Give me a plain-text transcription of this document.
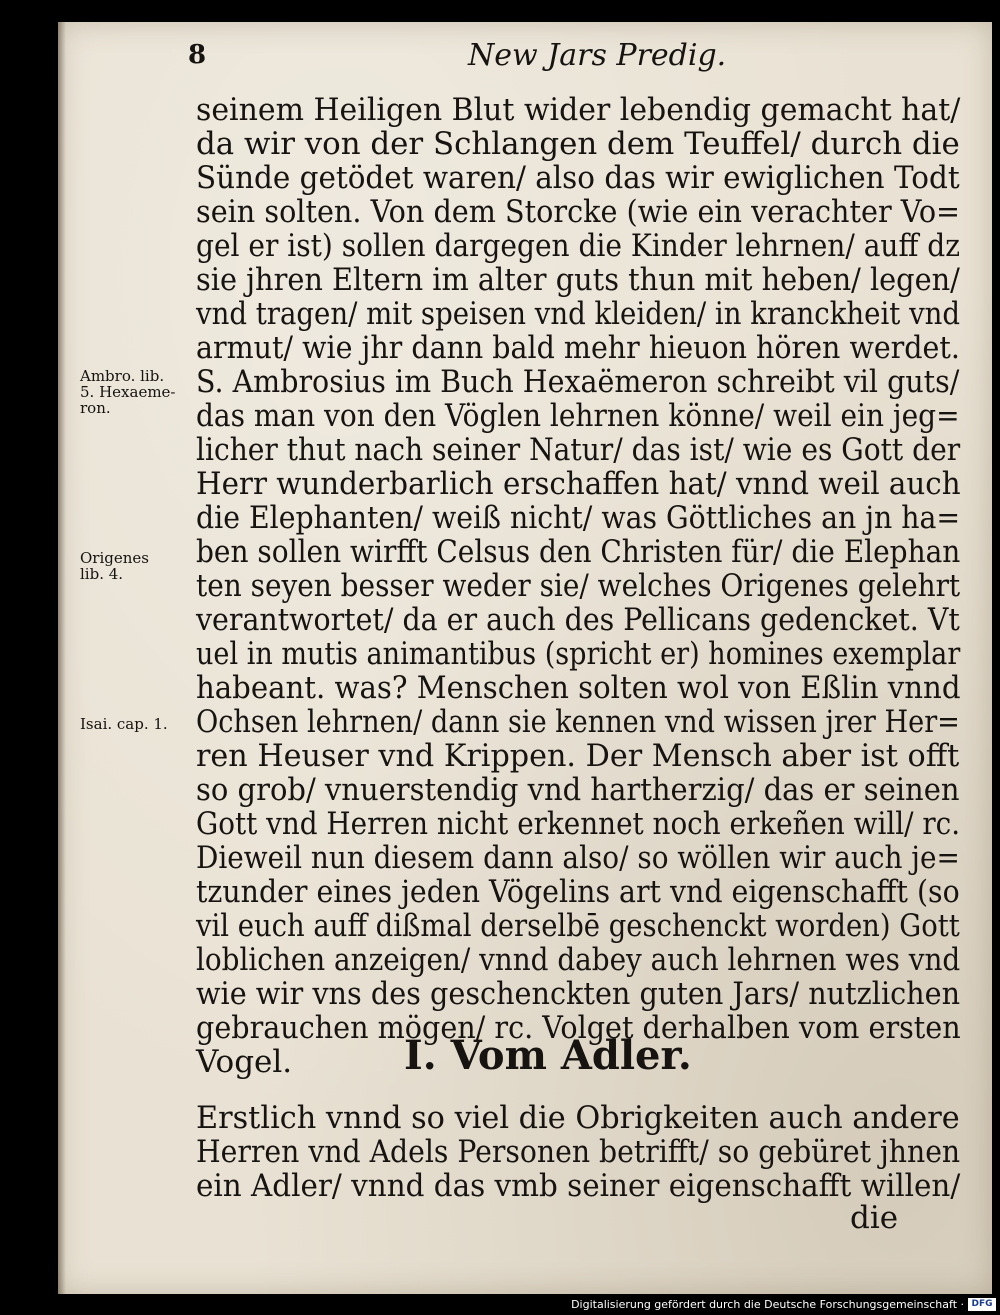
8	New Jars Predig.
seinem Heiligen Blut wider lebendig gemacht hat/
da wir von der Schlangen dem Teuffel/ durch die
Sünde getödet waren/ also das wir ewiglichen Todt
sein solten. Von dem Storcke (wie ein verachter Vo=
gel er ist) sollen dargegen die Kinder lehrnen/ auff dz
sie jhren Eltern im alter guts thun mit heben/ legen/
vnd tragen/ mit speisen vnd kleiden/ in kranckheit vnd
armut/ wie jhr dann bald mehr hieuon hören werdet.
S. Ambrosius im Buch Hexaëmeron schreibt vil guts/
das man von den Vöglen lehrnen könne/ weil ein jeg=
licher thut nach seiner Natur/ das ist/ wie es Gott der
Herr wunderbarlich erschaffen hat/ vnnd weil auch
die Elephanten/ weiß nicht/ was Göttliches an jn ha=
ben sollen wirfft Celsus den Christen für/ die Elephan
ten seyen besser weder sie/ welches Origenes gelehrt
verantwortet/ da er auch des Pellicans gedencket. Vt
uel in mutis animantibus (spricht er) homines exemplar
habeant. was? Menschen solten wol von Eßlin vnnd
Ochsen lehrnen/ dann sie kennen vnd wissen jrer Her=
ren Heuser vnd Krippen. Der Mensch aber ist offt
so grob/ vnuerstendig vnd hartherzig/ das er seinen
Gott vnd Herren nicht erkennet noch erkeñen will/ rc.
Dieweil nun diesem dann also/ so wöllen wir auch je=
tzunder eines jeden Vögelins art vnd eigenschafft (so
vil euch auff dißmal derselbē geschenckt worden) Gott
loblichen anzeigen/ vnnd dabey auch lehrnen wes vnd
wie wir vns des geschenckten guten Jars/ nutzlichen
gebrauchen mögen/ rc. Volget derhalben vom ersten
Vogel.
Ambro. lib.
5. Hexaeme-
ron.
Origenes
lib. 4.
Isai. cap. 1.
I. Vom Adler.
Erstlich vnnd so viel die Obrigkeiten auch andere
Herren vnd Adels Personen betrifft/ so gebüret jhnen
ein Adler/ vnnd das vmb seiner eigenschafft willen/
die
Digitalisierung gefördert durch die Deutsche Forschungsgemeinschaft · DFG
